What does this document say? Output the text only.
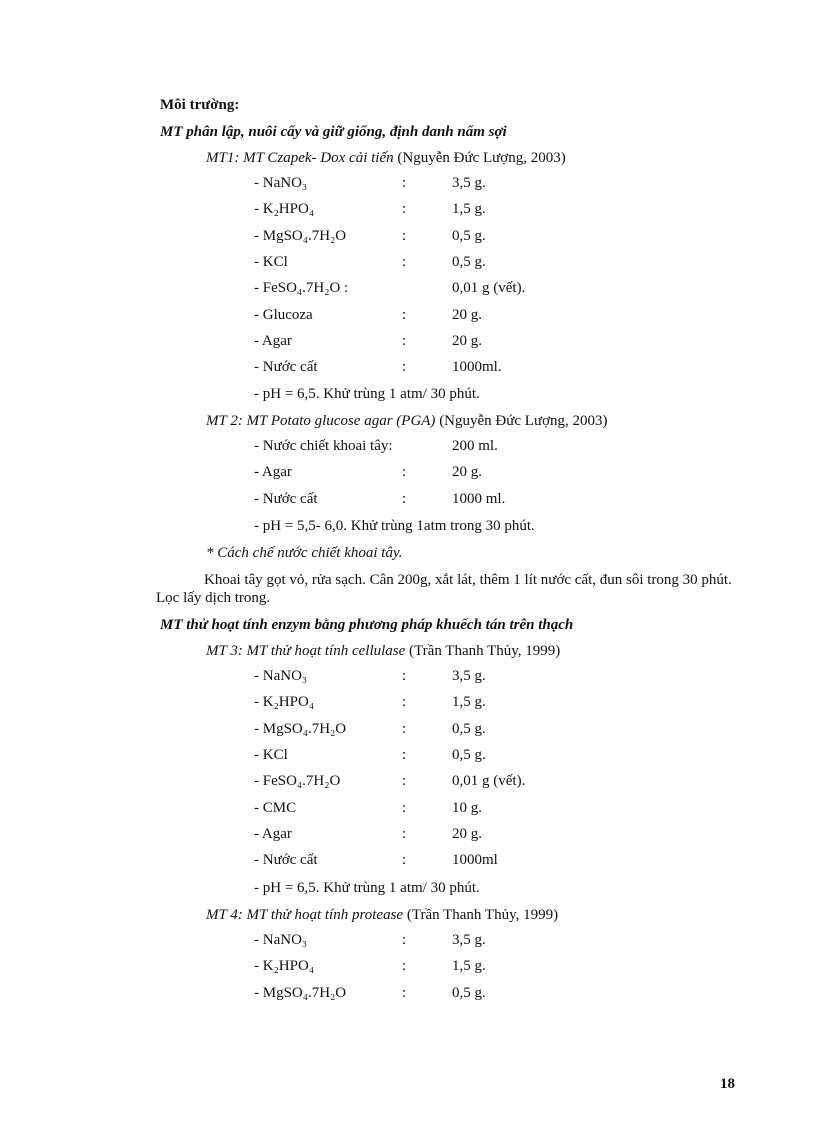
Môi trường:
MT phân lập, nuôi cấy và giữ giống, định danh nấm sợi
MT1: MT Czapek- Dox cải tiến (Nguyễn Đức Lượng, 2003)
- NaNO₃	:	3,5 g.
- K₂HPO₄	:	1,5 g.
- MgSO₄.7H₂O	:	0,5 g.
- KCl	:	0,5 g.
- FeSO₄.7H₂O :	0,01 g (vết).
- Glucoza	:	20 g.
- Agar	:	20 g.
- Nước cất	:	1000ml.
- pH = 6,5. Khử trùng 1 atm/ 30 phút.
MT 2: MT Potato glucose agar (PGA) (Nguyễn Đức Lượng, 2003)
- Nước chiết khoai tây:	200 ml.
- Agar	:	20 g.
- Nước cất	:	1000 ml.
- pH = 5,5- 6,0. Khử trùng 1atm trong 30 phút.
* Cách chế nước chiết khoai tây.
Khoai tây gọt vỏ, rửa sạch. Cân 200g, xắt lát, thêm 1 lít nước cất, đun sôi trong 30 phút. Lọc lấy dịch trong.
MT thử hoạt tính enzym bằng phương pháp khuếch tán trên thạch
MT 3: MT thử hoạt tính cellulase (Trần Thanh Thủy, 1999)
- NaNO₃	:	3,5 g.
- K₂HPO₄	:	1,5 g.
- MgSO₄.7H₂O	:	0,5 g.
- KCl	:	0,5 g.
- FeSO₄.7H₂O	:	0,01 g (vết).
- CMC	:	10 g.
- Agar	:	20 g.
- Nước cất	:	1000ml
- pH = 6,5. Khử trùng 1 atm/ 30 phút.
MT 4: MT thử hoạt tính protease (Trần Thanh Thủy, 1999)
- NaNO₃	:	3,5 g.
- K₂HPO₄	:	1,5 g.
- MgSO₄.7H₂O	:	0,5 g.
18
